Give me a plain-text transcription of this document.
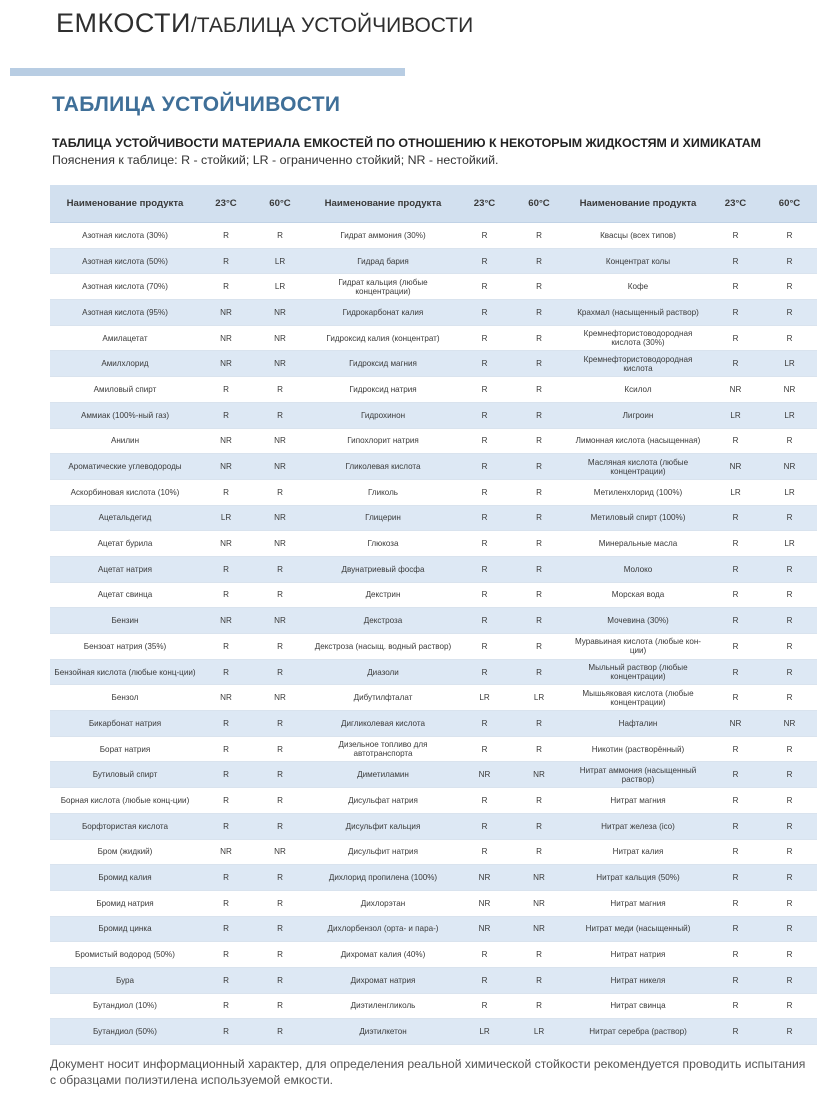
ЕМКОСТИ/ТАБЛИЦА УСТОЙЧИВОСТИ
ТАБЛИЦА УСТОЙЧИВОСТИ
ТАБЛИЦА УСТОЙЧИВОСТИ МАТЕРИАЛА ЕМКОСТЕЙ ПО ОТНОШЕНИЮ К НЕКОТОРЫМ ЖИДКОСТЯМ И ХИМИКАТАМ
Пояснения к таблице: R - стойкий; LR - ограниченно стойкий; NR - нестойкий.
Наименование продукта	23°C	60°C	Наименование продукта	23°C	60°C	Наименование продукта	23°C	60°C
Азотная кислота (30%)	R	R	Гидрат аммония (30%)	R	R	Квасцы (всех типов)	R	R
Азотная кислота (50%)	R	LR	Гидрад бария	R	R	Концентрат колы	R	R
Азотная кислота (70%)	R	LR	Гидрат кальция (любые концентрации)	R	R	Кофе	R	R
Азотная кислота (95%)	NR	NR	Гидрокарбонат калия	R	R	Крахмал (насыщенный раствор)	R	R
Амилацетат	NR	NR	Гидроксид калия (концентрат)	R	R	Кремнефтористоводородная кислота (30%)	R	R
Амилхлорид	NR	NR	Гидроксид магния	R	R	Кремнефтористоводородная кислота	R	LR
Амиловый спирт	R	R	Гидроксид натрия	R	R	Ксилол	NR	NR
Аммиак (100%-ный газ)	R	R	Гидрохинон	R	R	Лигроин	LR	LR
Анилин	NR	NR	Гипохлорит натрия	R	R	Лимонная кислота (насыщенная)	R	R
Ароматические углеводороды	NR	NR	Гликолевая кислота	R	R	Масляная кислота (любые концентрации)	NR	NR
Аскорбиновая кислота (10%)	R	R	Гликоль	R	R	Метиленхлорид (100%)	LR	LR
Ацетальдегид	LR	NR	Глицерин	R	R	Метиловый спирт (100%)	R	R
Ацетат бурила	NR	NR	Глюкоза	R	R	Минеральные масла	R	LR
Ацетат натрия	R	R	Двунатриевый фосфа	R	R	Молоко	R	R
Ацетат свинца	R	R	Декстрин	R	R	Морская вода	R	R
Бензин	NR	NR	Декстроза	R	R	Мочевина (30%)	R	R
Бензоат натрия (35%)	R	R	Декстроза (насыщ. водный раствор)	R	R	Муравьиная кислота (любые кон-ции)	R	R
Бензойная кислота (любые конц-ции)	R	R	Диазоли	R	R	Мыльный раствор (любые концентрации)	R	R
Бензол	NR	NR	Дибутилфталат	LR	LR	Мышьяковая кислота (любые концентрации)	R	R
Бикарбонат натрия	R	R	Дигликолевая кислота	R	R	Нафталин	NR	NR
Борат натрия	R	R	Дизельное топливо для автотранспорта	R	R	Никотин (растворённый)	R	R
Бутиловый спирт	R	R	Диметиламин	NR	NR	Нитрат аммония (насыщенный раствор)	R	R
Борная кислота (любые конц-ции)	R	R	Дисульфат натрия	R	R	Нитрат магния	R	R
Борфтористая кислота	R	R	Дисульфит кальция	R	R	Нитрат железа (ico)	R	R
Бром (жидкий)	NR	NR	Дисульфит натрия	R	R	Нитрат калия	R	R
Бромид калия	R	R	Дихлорид пропилена (100%)	NR	NR	Нитрат кальция (50%)	R	R
Бромид натрия	R	R	Дихлорэтан	NR	NR	Нитрат магния	R	R
Бромид цинка	R	R	Дихлорбензол (орта- и пара-)	NR	NR	Нитрат меди (насыщенный)	R	R
Бромистый водород (50%)	R	R	Дихромат калия (40%)	R	R	Нитрат натрия	R	R
Бура	R	R	Дихромат натрия	R	R	Нитрат никеля	R	R
Бутандиол (10%)	R	R	Диэтиленгликоль	R	R	Нитрат свинца	R	R
Бутандиол (50%)	R	R	Диэтилкетон	LR	LR	Нитрат серебра (раствор)	R	R
Документ носит информационный характер, для определения реальной химической стойкости рекомендуется проводить испытания с образцами полиэтилена используемой емкости.
